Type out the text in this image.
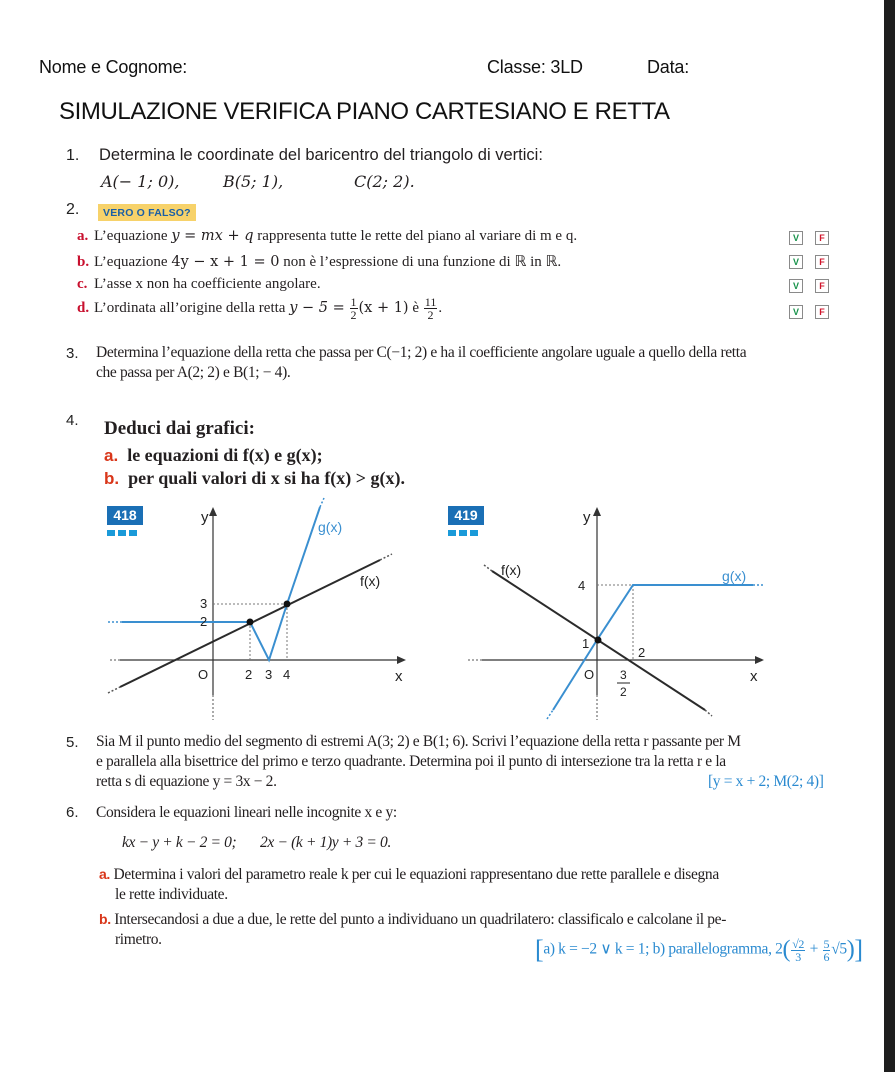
Nome e Cognome:	Classe: 3LD	Data:
SIMULAZIONE VERIFICA PIANO CARTESIANO E RETTA
1. Determina le coordinate del baricentro del triangolo di vertici:
A(− 1; 0),	B(5; 1),	C(2; 2).
2.	VERO O FALSO?
a. L’equazione y = mx + q rappresenta tutte le rette del piano al variare di m e q.	V	F
b. L’equazione 4y − x + 1 = 0 non è l’espressione di una funzione di ℝ in ℝ.	V	F
c. L’asse x non ha coefficiente angolare.	V	F
d. L’ordinata all’origine della retta $y - 5 = \frac{1}{2} (x + 1)$ è $\frac{11}{2}$ .	V	F
3. Determina l’equazione della retta che passa per C(−1; 2) e ha il coefficiente angolare uguale a quello della retta
che passa per A(2; 2) e B(1; − 4).
4. Deduci dai grafici:
a. le equazioni di f(x) e g(x);
b. per quali valori di x si ha f(x) > g(x).
418	y
x
O
3
2
2 3 4
g(x)
f(x)
419	y
x
O
4
1
2
3
2
g(x)
f(x)
5. Sia M il punto medio del segmento di estremi A(3; 2) e B(1; 6). Scrivi l’equazione della retta r passante per M
e parallela alla bisettrice del primo e terzo quadrante. Determina poi il punto di intersezione tra la retta r e la
retta s di equazione y = 3x − 2.	[y = x + 2; M(2; 4)]
6. Considera le equazioni lineari nelle incognite x e y:
kx − y + k − 2 = 0; 2x − (k + 1)y + 3 = 0.
a. Determina i valori del parametro reale k per cui le equazioni rappresentano due rette parallele e disegna
le rette individuate.
b. Intersecandosi a due a due, le rette del punto a individuano un quadrilatero: classificalo e calcolane il pe-
rimetro.	[a) k = −2 ∨ k = 1; b) parallelogramma, $2( \frac{√2}{3} + \frac{5}{6} √5)$]
